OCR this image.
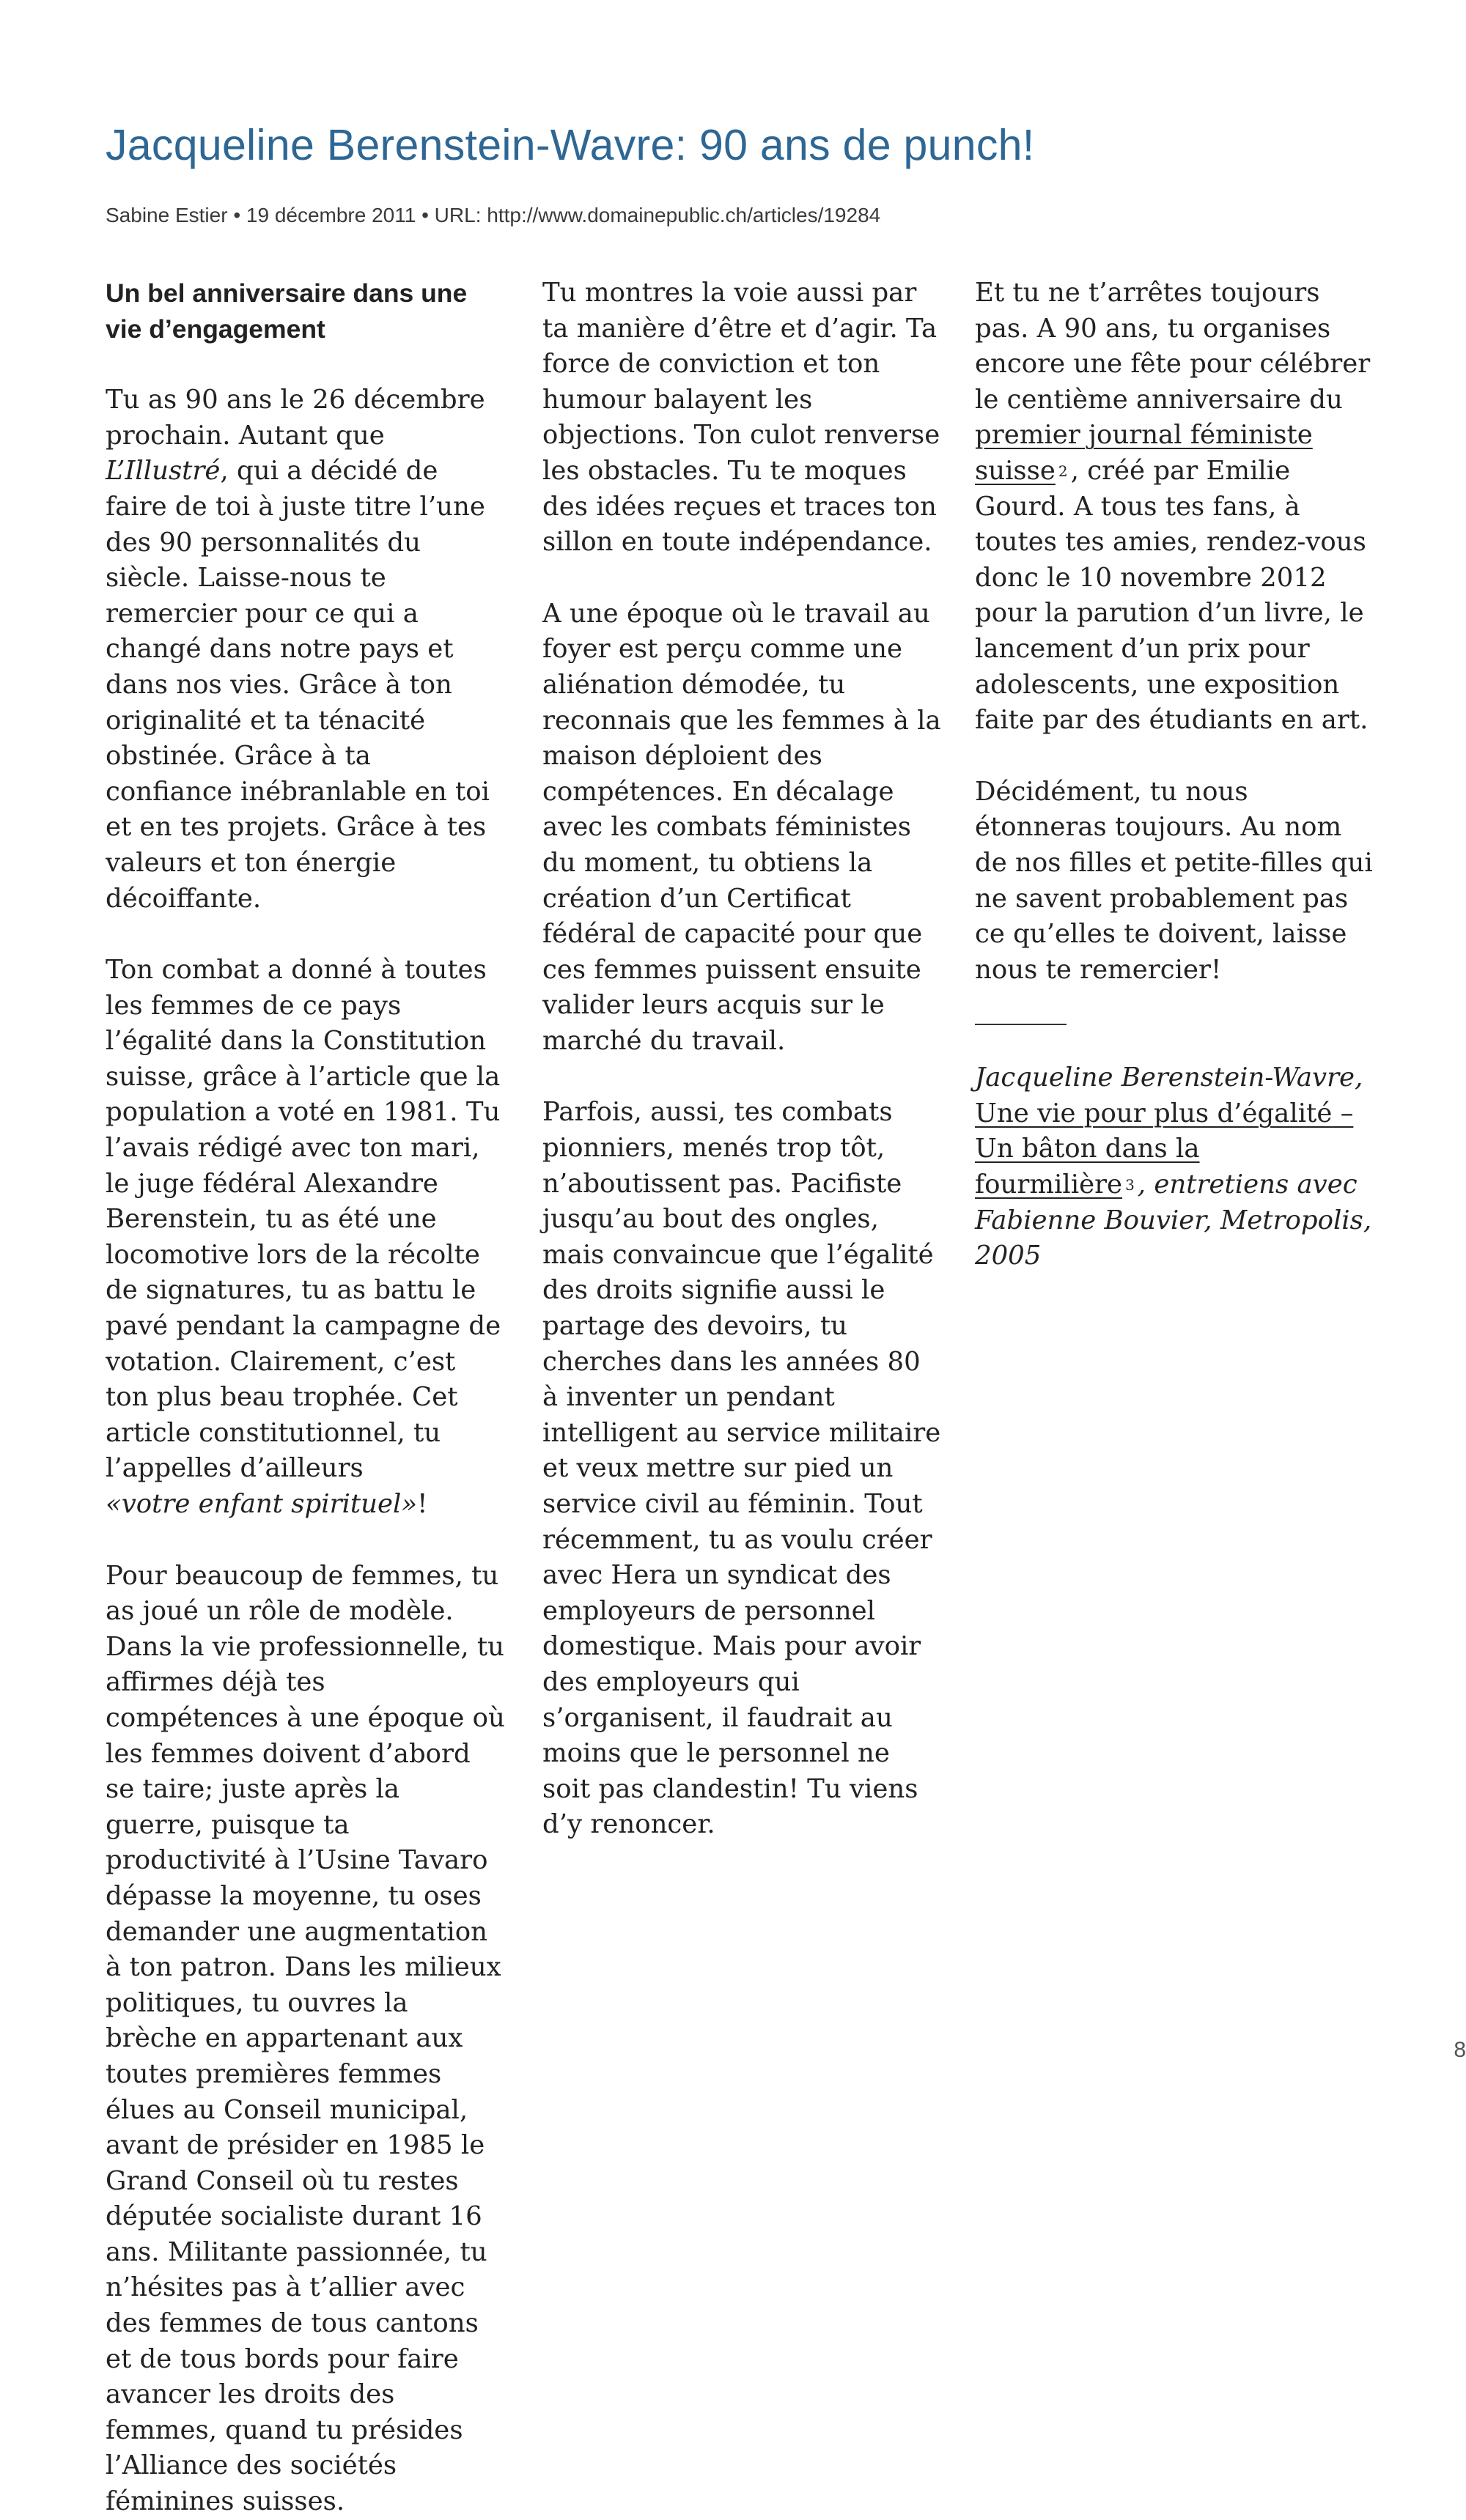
Jacqueline Berenstein-Wavre: 90 ans de punch!
Sabine Estier • 19 décembre 2011 • URL: http://www.domainepublic.ch/articles/19284
Un bel anniversaire dans une vie d’engagement

Tu as 90 ans le 26 décembre prochain. Autant que L’Illustré, qui a décidé de faire de toi à juste titre l’une des 90 personnalités du siècle. Laisse-nous te remercier pour ce qui a changé dans notre pays et dans nos vies. Grâce à ton originalité et ta ténacité obstinée. Grâce à ta confiance inébranlable en toi et en tes projets. Grâce à tes valeurs et ton énergie décoiffante.

Ton combat a donné à toutes les femmes de ce pays l’égalité dans la Constitution suisse, grâce à l’article que la population a voté en 1981. Tu l’avais rédigé avec ton mari, le juge fédéral Alexandre Berenstein, tu as été une locomotive lors de la récolte de signatures, tu as battu le pavé pendant la campagne de votation. Clairement, c’est ton plus beau trophée. Cet article constitutionnel, tu l’appelles d’ailleurs «votre enfant spirituel»!

Pour beaucoup de femmes, tu as joué un rôle de modèle. Dans la vie professionnelle, tu affirmes déjà tes compétences à une époque où les femmes doivent d’abord se taire; juste après la guerre, puisque ta productivité à l’Usine Tavaro dépasse la moyenne, tu oses demander une augmentation à ton patron. Dans les milieux politiques, tu ouvres la brèche en appartenant aux toutes premières femmes élues au Conseil municipal, avant de présider en 1985 le Grand Conseil où tu restes députée socialiste durant 16 ans. Militante passionnée, tu n’hésites pas à t’allier avec des femmes de tous cantons et de tous bords pour faire avancer les droits des femmes, quand tu présides l’Alliance des sociétés féminines suisses.

Tu montres la voie aussi par ta manière d’être et d’agir. Ta force de conviction et ton humour balayent les objections. Ton culot renverse les obstacles. Tu te moques des idées reçues et traces ton sillon en toute indépendance.

A une époque où le travail au foyer est perçu comme une aliénation démodée, tu reconnais que les femmes à la maison déploient des compétences. En décalage avec les combats féministes du moment, tu obtiens la création d’un Certificat fédéral de capacité pour que ces femmes puissent ensuite valider leurs acquis sur le marché du travail.

Parfois, aussi, tes combats pionniers, menés trop tôt, n’aboutissent pas. Pacifiste jusqu’au bout des ongles, mais convaincue que l’égalité des droits signifie aussi le partage des devoirs, tu cherches dans les années 80 à inventer un pendant intelligent au service militaire et veux mettre sur pied un service civil au féminin. Tout récemment, tu as voulu créer avec Hera un syndicat des employeurs de personnel domestique. Mais pour avoir des employeurs qui s’organisent, il faudrait au moins que le personnel ne soit pas clandestin! Tu viens d’y renoncer.

Et tu ne t’arrêtes toujours pas. A 90 ans, tu organises encore une fête pour célébrer le centième anniversaire du premier journal féministe suisse $^2$ , créé par Emilie Gourd. A tous tes fans, à toutes tes amies, rendez-vous donc le 10 novembre 2012 pour la parution d’un livre, le lancement d’un prix pour adolescents, une exposition faite par des étudiants en art.

Décidément, tu nous étonneras toujours. Au nom de nos filles et petite-filles qui ne savent probablement pas ce qu’elles te doivent, laisse nous te remercier!

Jacqueline Berenstein-Wavre, Une vie pour plus d’égalité – Un bâton dans la fourmilière $^3$ , entretiens avec Fabienne Bouvier, Metropolis, 2005

8
